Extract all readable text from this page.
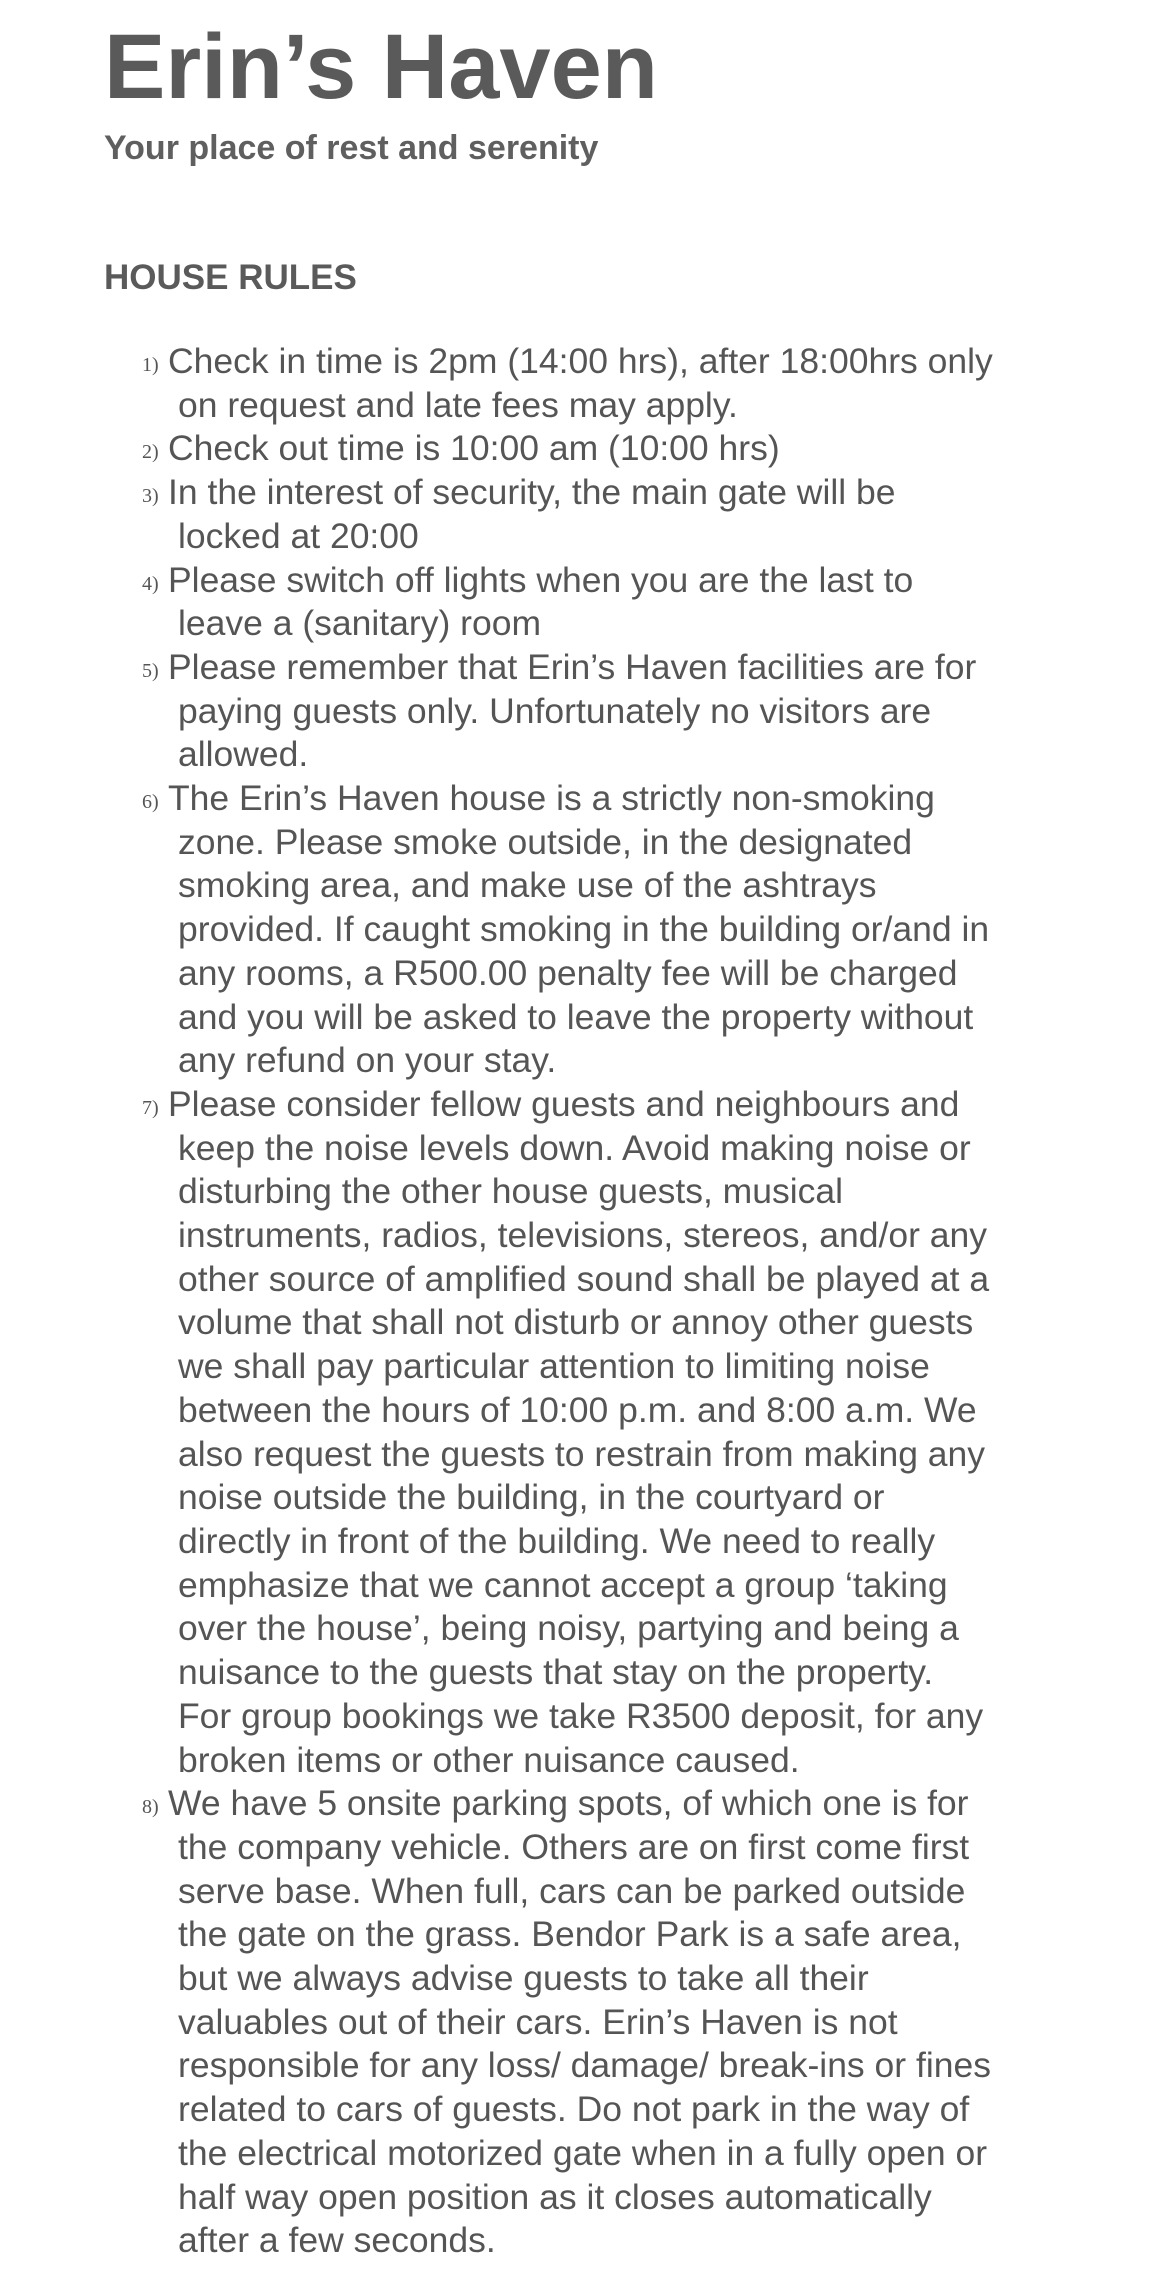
Erin’s Haven

Your place of rest and serenity

HOUSE RULES
1) Check in time is 2pm (14:00 hrs), after 18:00hrs only
on request and late fees may apply.
2) Check out time is 10:00 am (10:00 hrs)
3) In the interest of security, the main gate will be
locked at 20:00
4) Please switch off lights when you are the last to
leave a (sanitary) room
5) Please remember that Erin’s Haven facilities are for
paying guests only. Unfortunately no visitors are
allowed.
6) The Erin’s Haven house is a strictly non-smoking
zone. Please smoke outside, in the designated
smoking area, and make use of the ashtrays
provided. If caught smoking in the building or/and in
any rooms, a R500.00 penalty fee will be charged
and you will be asked to leave the property without
any refund on your stay.
7) Please consider fellow guests and neighbours and
keep the noise levels down. Avoid making noise or
disturbing the other house guests, musical
instruments, radios, televisions, stereos, and/or any
other source of amplified sound shall be played at a
volume that shall not disturb or annoy other guests
we shall pay particular attention to limiting noise
between the hours of 10:00 p.m. and 8:00 a.m. We
also request the guests to restrain from making any
noise outside the building, in the courtyard or
directly in front of the building. We need to really
emphasize that we cannot accept a group ‘taking
over the house’, being noisy, partying and being a
nuisance to the guests that stay on the property.
For group bookings we take R3500 deposit, for any
broken items or other nuisance caused.
8) We have 5 onsite parking spots, of which one is for
the company vehicle. Others are on first come first
serve base. When full, cars can be parked outside
the gate on the grass. Bendor Park is a safe area,
but we always advise guests to take all their
valuables out of their cars. Erin’s Haven is not
responsible for any loss/ damage/ break-ins or fines
related to cars of guests. Do not park in the way of
the electrical motorized gate when in a fully open or
half way open position as it closes automatically
after a few seconds.
